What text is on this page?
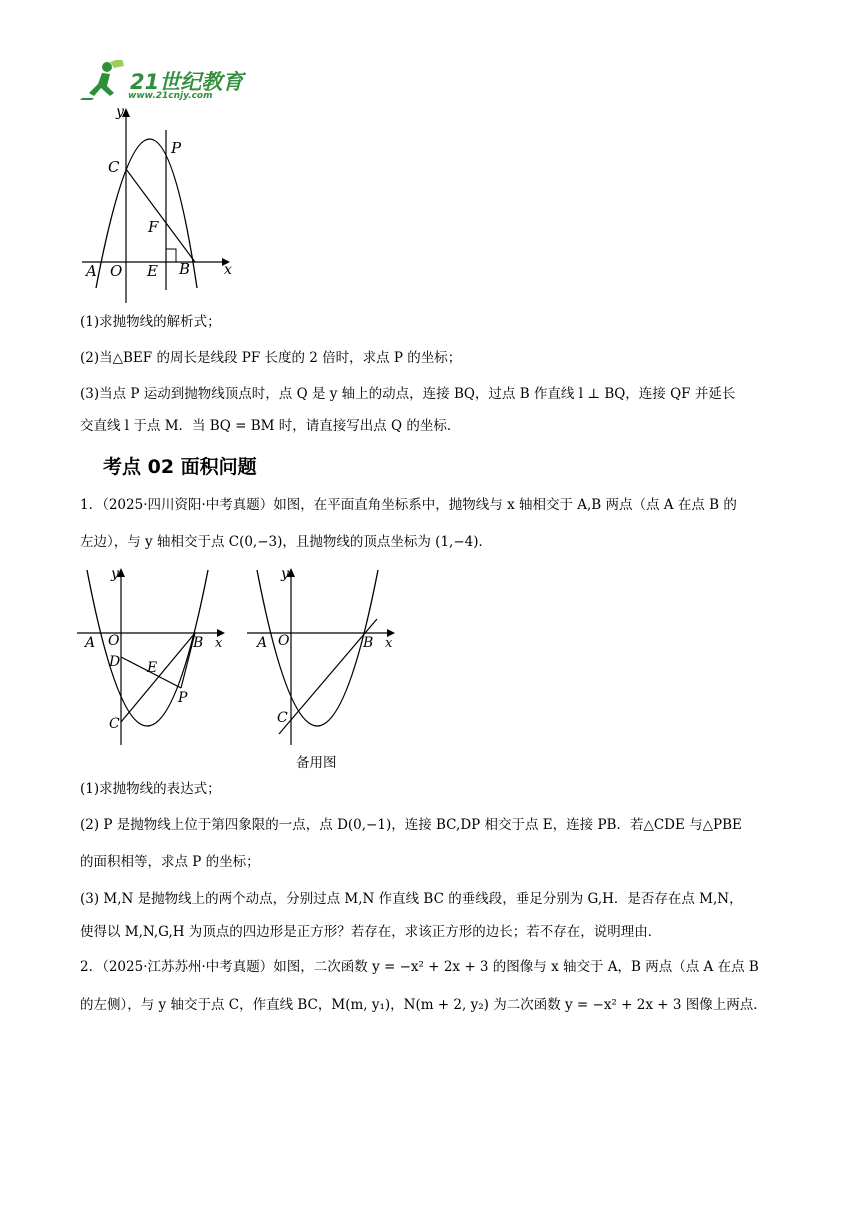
21世纪教育
www.21cnjy.com
y
C
P
F
A O E B x
(1)求抛物线的解析式；
(2)当△BEF 的周长是线段 PF 长度的 2 倍时，求点 P 的坐标；
(3)当点 P 运动到抛物线顶点时，点 Q 是 y 轴上的动点，连接 BQ，过点 B 作直线 l ⊥ BQ，连接 QF 并延长
交直线 l 于点 M．当 BQ = BM 时，请直接写出点 Q 的坐标．
考点 02 面积问题
1．（2025·四川资阳·中考真题）如图，在平面直角坐标系中，抛物线与 x 轴相交于 A,B 两点（点 A 在点 B 的
左边），与 y 轴相交于点 C(0,−3)，且抛物线的顶点坐标为 (1,−4)．
y
A O	B x
D E
P
C
y
A O	B x
C
备用图
(1)求抛物线的表达式；
(2) P 是抛物线上位于第四象限的一点，点 D(0,−1)，连接 BC,DP 相交于点 E，连接 PB．若△CDE 与△PBE
的面积相等，求点 P 的坐标；
(3) M,N 是抛物线上的两个动点，分别过点 M,N 作直线 BC 的垂线段，垂足分别为 G,H．是否存在点 M,N，
使得以 M,N,G,H 为顶点的四边形是正方形？若存在，求该正方形的边长；若不存在，说明理由．
2．（2025·江苏苏州·中考真题）如图，二次函数 y = −x² + 2x + 3 的图像与 x 轴交于 A，B 两点（点 A 在点 B
的左侧），与 y 轴交于点 C，作直线 BC，M(m, y₁)，N(m + 2, y₂) 为二次函数 y = −x² + 2x + 3 图像上两点．
